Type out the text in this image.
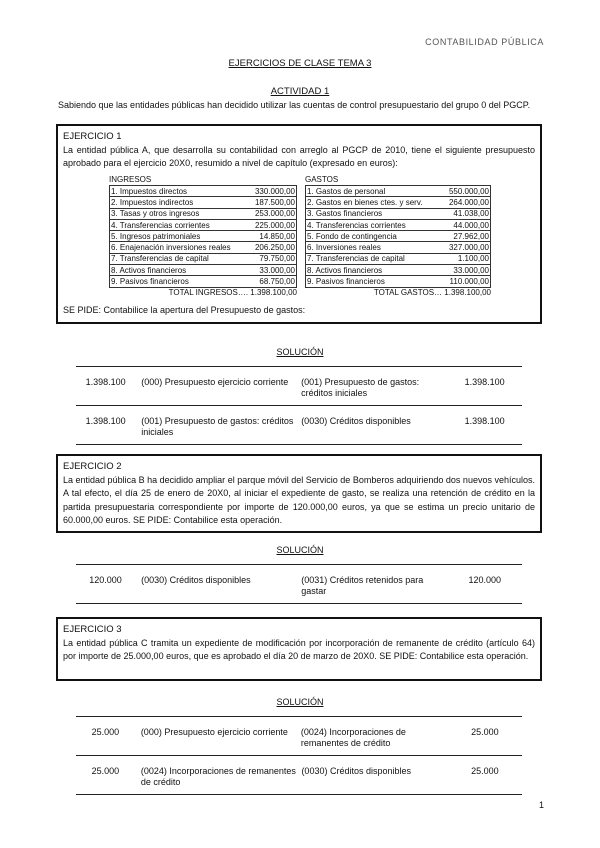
CONTABILIDAD PÚBLICA
EJERCICIOS DE CLASE TEMA 3
ACTIVIDAD 1
Sabiendo que las entidades públicas han decidido utilizar las cuentas de control presupuestario del grupo 0 del PGCP.
EJERCICIO 1

La entidad pública A, que desarrolla su contabilidad con arreglo al PGCP de 2010, tiene el siguiente presupuesto aprobado para el ejercicio 20X0, resumido a nivel de capítulo (expresado en euros):

SE PIDE: Contabilice la apertura del Presupuesto de gastos:
INGRESOS
1. Impuestos directos	330.000,00
2. Impuestos indirectos	187.500,00
3. Tasas y otros ingresos	253.000,00
4. Transferencias corrientes	225.000,00
5. Ingresos patrimoniales	14.850,00
6. Enajenación inversiones reales	206.250,00
7. Transferencias de capital	79.750,00
8. Activos financieros	33.000,00
9. Pasivos financieros	68.750,00
TOTAL INGRESOS…. 1.398.100,00
GASTOS
1. Gastos de personal	550.000,00
2. Gastos en bienes ctes. y serv.	264.000,00
3. Gastos financieros	41.038,00
4. Transferencias corrientes	44.000,00
5. Fondo de contingencia	27.962,00
6. Inversiones reales	327.000,00
7. Transferencias de capital	1.100,00
8. Activos financieros	33.000,00
9. Pasivos financieros	110.000,00
TOTAL GASTOS… 1.398.100,00
SOLUCIÓN
1.398.100	(000) Presupuesto ejercicio corriente	(001) Presupuesto de gastos: créditos iniciales	1.398.100
1.398.100	(001) Presupuesto de gastos: créditos iniciales	(0030) Créditos disponibles	1.398.100
EJERCICIO 2

La entidad pública B ha decidido ampliar el parque móvil del Servicio de Bomberos adquiriendo dos nuevos vehículos. A tal efecto, el día 25 de enero de 20X0, al iniciar el expediente de gasto, se realiza una retención de crédito en la partida presupuestaria correspondiente por importe de 120.000,00 euros, ya que se estima un precio unitario de 60.000,00 euros. SE PIDE: Contabilice esta operación.

SOLUCIÓN
120.000	(0030) Créditos disponibles	(0031) Créditos retenidos para gastar	120.000
EJERCICIO 3

La entidad pública C tramita un expediente de modificación por incorporación de remanente de crédito (artículo 64) por importe de 25.000,00 euros, que es aprobado el día 20 de marzo de 20X0. SE PIDE: Contabilice esta operación.

SOLUCIÓN
25.000	(000) Presupuesto ejercicio corriente	(0024) Incorporaciones de remanentes de crédito	25.000
25.000	(0024) Incorporaciones de remanentes de crédito	(0030) Créditos disponibles	25.000
1
